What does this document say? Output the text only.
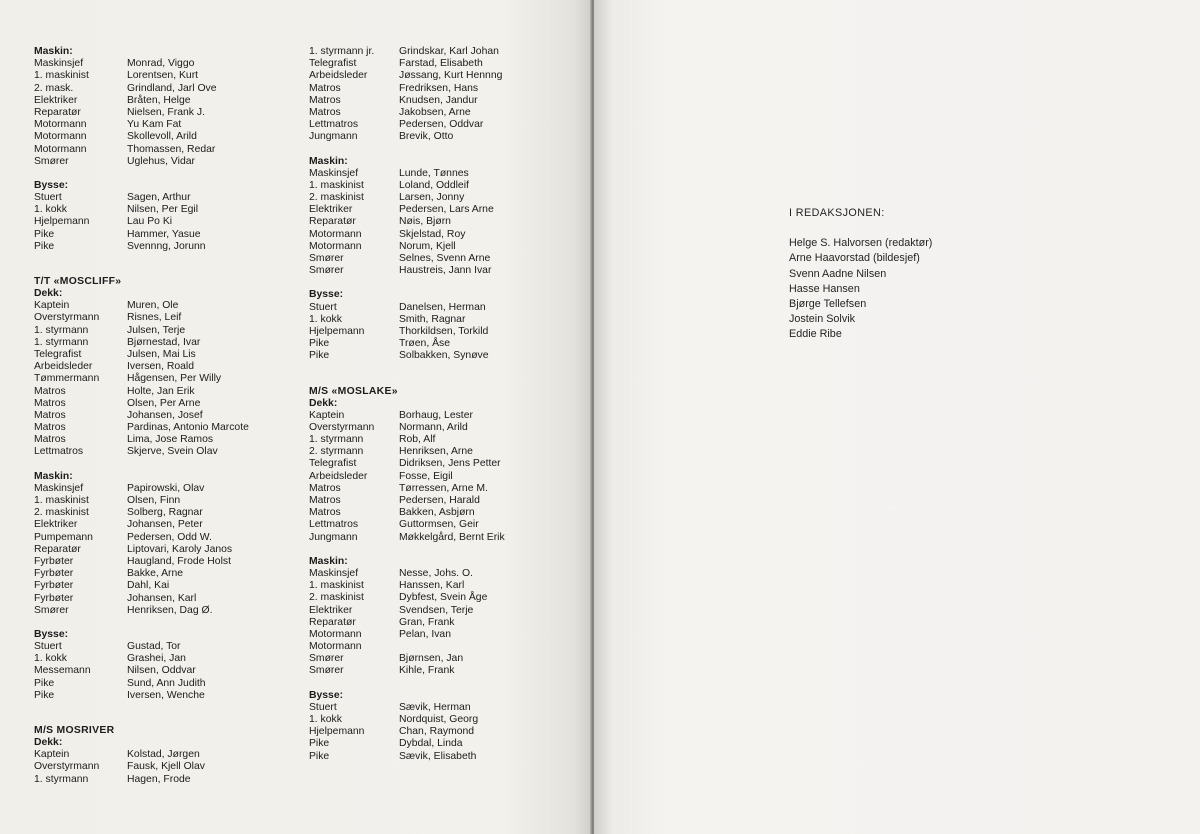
Maskin:
Maskinsjef	Monrad, Viggo
1. maskinist	Lorentsen, Kurt
2. mask.	Grindland, Jarl Ove
Elektriker	Bråten, Helge
Reparatør	Nielsen, Frank J.
Motormann	Yu Kam Fat
Motormann	Skollevoll, Arild
Motormann	Thomassen, Redar
Smører	Uglehus, Vidar
Bysse:
Stuert	Sagen, Arthur
1. kokk	Nilsen, Per Egil
Hjelpemann	Lau Po Ki
Pike	Hammer, Yasue
Pike	Svennng, Jorunn
T/T «MOSCLIFF»
Dekk:
Kaptein	Muren, Ole
Overstyrmann	Risnes, Leif
1. styrmann	Julsen, Terje
1. styrmann	Bjørnestad, Ivar
Telegrafist	Julsen, Mai Lis
Arbeidsleder	Iversen, Roald
Tømmermann	Hågensen, Per Willy
Matros	Holte, Jan Erik
Matros	Olsen, Per Arne
Matros	Johansen, Josef
Matros	Pardinas, Antonio Marcote
Matros	Lima, Jose Ramos
Lettmatros	Skjerve, Svein Olav
Maskin:
Maskinsjef	Papirowski, Olav
1. maskinist	Olsen, Finn
2. maskinist	Solberg, Ragnar
Elektriker	Johansen, Peter
Pumpemann	Pedersen, Odd W.
Reparatør	Liptovari, Karoly Janos
Fyrbøter	Haugland, Frode Holst
Fyrbøter	Bakke, Arne
Fyrbøter	Dahl, Kai
Fyrbøter	Johansen, Karl
Smører	Henriksen, Dag Ø.
Bysse:
Stuert	Gustad, Tor
1. kokk	Grashei, Jan
Messemann	Nilsen, Oddvar
Pike	Sund, Ann Judith
Pike	Iversen, Wenche
M/S MOSRIVER
Dekk:
Kaptein	Kolstad, Jørgen
Overstyrmann	Fausk, Kjell Olav
1. styrmann	Hagen, Frode
1. styrmann jr.	Grindskar, Karl Johan
Telegrafist	Farstad, Elisabeth
Arbeidsleder	Jøssang, Kurt Hennng
Matros	Fredriksen, Hans
Matros	Knudsen, Jandur
Matros	Jakobsen, Arne
Lettmatros	Pedersen, Oddvar
Jungmann	Brevik, Otto
Maskin:
Maskinsjef	Lunde, Tønnes
1. maskinist	Loland, Oddleif
2. maskinist	Larsen, Jonny
Elektriker	Pedersen, Lars Arne
Reparatør	Nøis, Bjørn
Motormann	Skjelstad, Roy
Motormann	Norum, Kjell
Smører	Selnes, Svenn Arne
Smører	Haustreis, Jann Ivar
Bysse:
Stuert	Danelsen, Herman
1. kokk	Smith, Ragnar
Hjelpemann	Thorkildsen, Torkild
Pike	Trøen, Åse
Pike	Solbakken, Synøve
M/S «MOSLAKE»
Dekk:
Kaptein	Borhaug, Lester
Overstyrmann	Normann, Arild
1. styrmann	Rob, Alf
2. styrmann	Henriksen, Arne
Telegrafist	Didriksen, Jens Petter
Arbeidsleder	Fosse, Eigil
Matros	Tørressen, Arne M.
Matros	Pedersen, Harald
Matros	Bakken, Asbjørn
Lettmatros	Guttormsen, Geir
Jungmann	Møkkelgård, Bernt Erik
Maskin:
Maskinsjef	Nesse, Johs. O.
1. maskinist	Hanssen, Karl
2. maskinist	Dybfest, Svein Åge
Elektriker	Svendsen, Terje
Reparatør	Gran, Frank
Motormann	Pelan, Ivan
Motormann
Smører	Bjørnsen, Jan
Smører	Kihle, Frank
Bysse:
Stuert	Sævik, Herman
1. kokk	Nordquist, Georg
Hjelpemann	Chan, Raymond
Pike	Dybdal, Linda
Pike	Sævik, Elisabeth
I REDAKSJONEN:
Helge S. Halvorsen (redaktør)
Arne Haavorstad (bildesjef)
Svenn Aadne Nilsen
Hasse Hansen
Bjørge Tellefsen
Jostein Solvik
Eddie Ribe
